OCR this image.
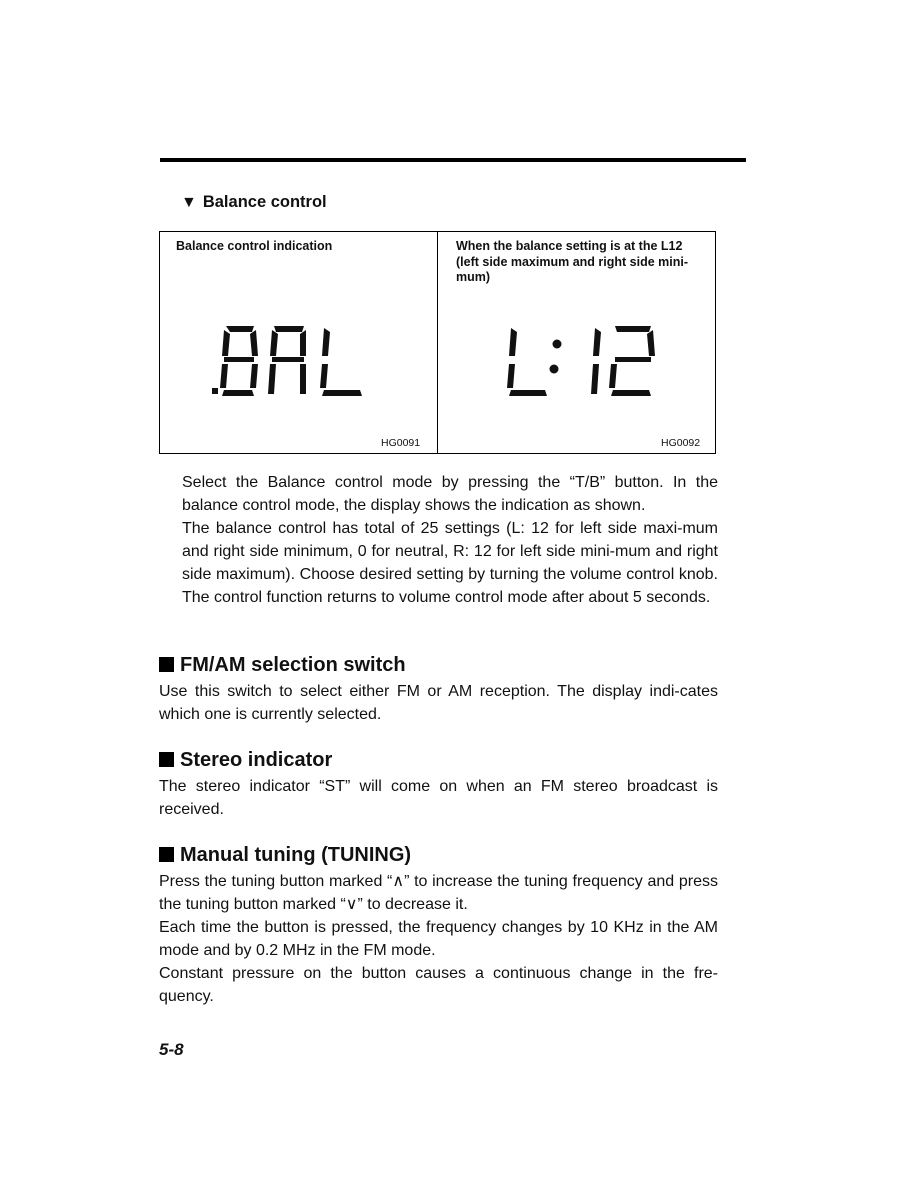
▼ Balance control
Balance control indication	When the balance setting is at the L12 (left side maximum and right side mini-mum)
HG0091	HG0092

Select the Balance control mode by pressing the “T/B” button. In the balance control mode, the display shows the indication as shown.

The balance control has total of 25 settings (L: 12 for left side maxi-mum and right side minimum, 0 for neutral, R: 12 for left side mini-mum and right side maximum). Choose desired setting by turning the volume control knob. The control function returns to volume control mode after about 5 seconds.

FM/AM selection switch
Use this switch to select either FM or AM reception. The display indi-cates which one is currently selected.
Stereo indicator
The stereo indicator “ST” will come on when an FM stereo broadcast is received.
Manual tuning (TUNING)

Press the tuning button marked “∧” to increase the tuning frequency and press the tuning button marked “∨” to decrease it.

Each time the button is pressed, the frequency changes by 10 KHz in the AM mode and by 0.2 MHz in the FM mode.

Constant pressure on the button causes a continuous change in the fre-quency.

5-8
